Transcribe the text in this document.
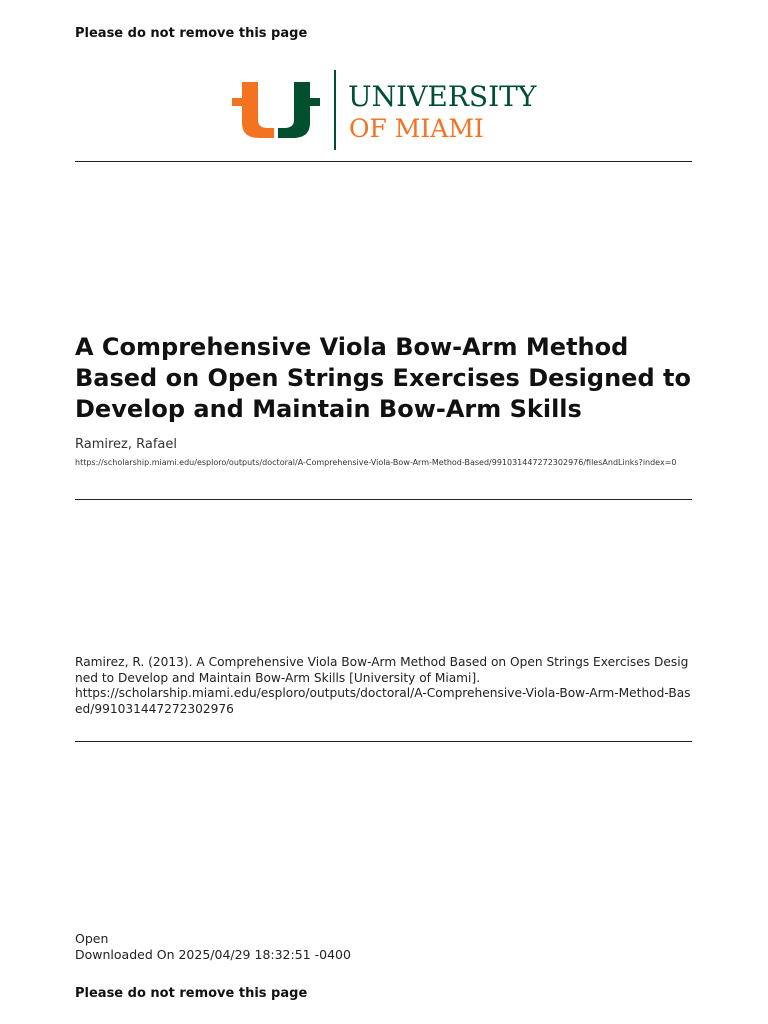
Please do not remove this page
UNIVERSITY
OF MIAMI
A Comprehensive Viola Bow-Arm Method Based on Open Strings Exercises Designed to Develop and Maintain Bow-Arm Skills
Ramirez, Rafael
https://scholarship.miami.edu/esploro/outputs/doctoral/A-Comprehensive-Viola-Bow-Arm-Method-Based/991031447272302976/filesAndLinks?index=0
Ramirez, R. (2013). A Comprehensive Viola Bow-Arm Method Based on Open Strings Exercises Designed to Develop and Maintain Bow-Arm Skills [University of Miami].
https://scholarship.miami.edu/esploro/outputs/doctoral/A-Comprehensive-Viola-Bow-Arm-Method-Based/991031447272302976
Open
Downloaded On 2025/04/29 18:32:51 -0400
Please do not remove this page
